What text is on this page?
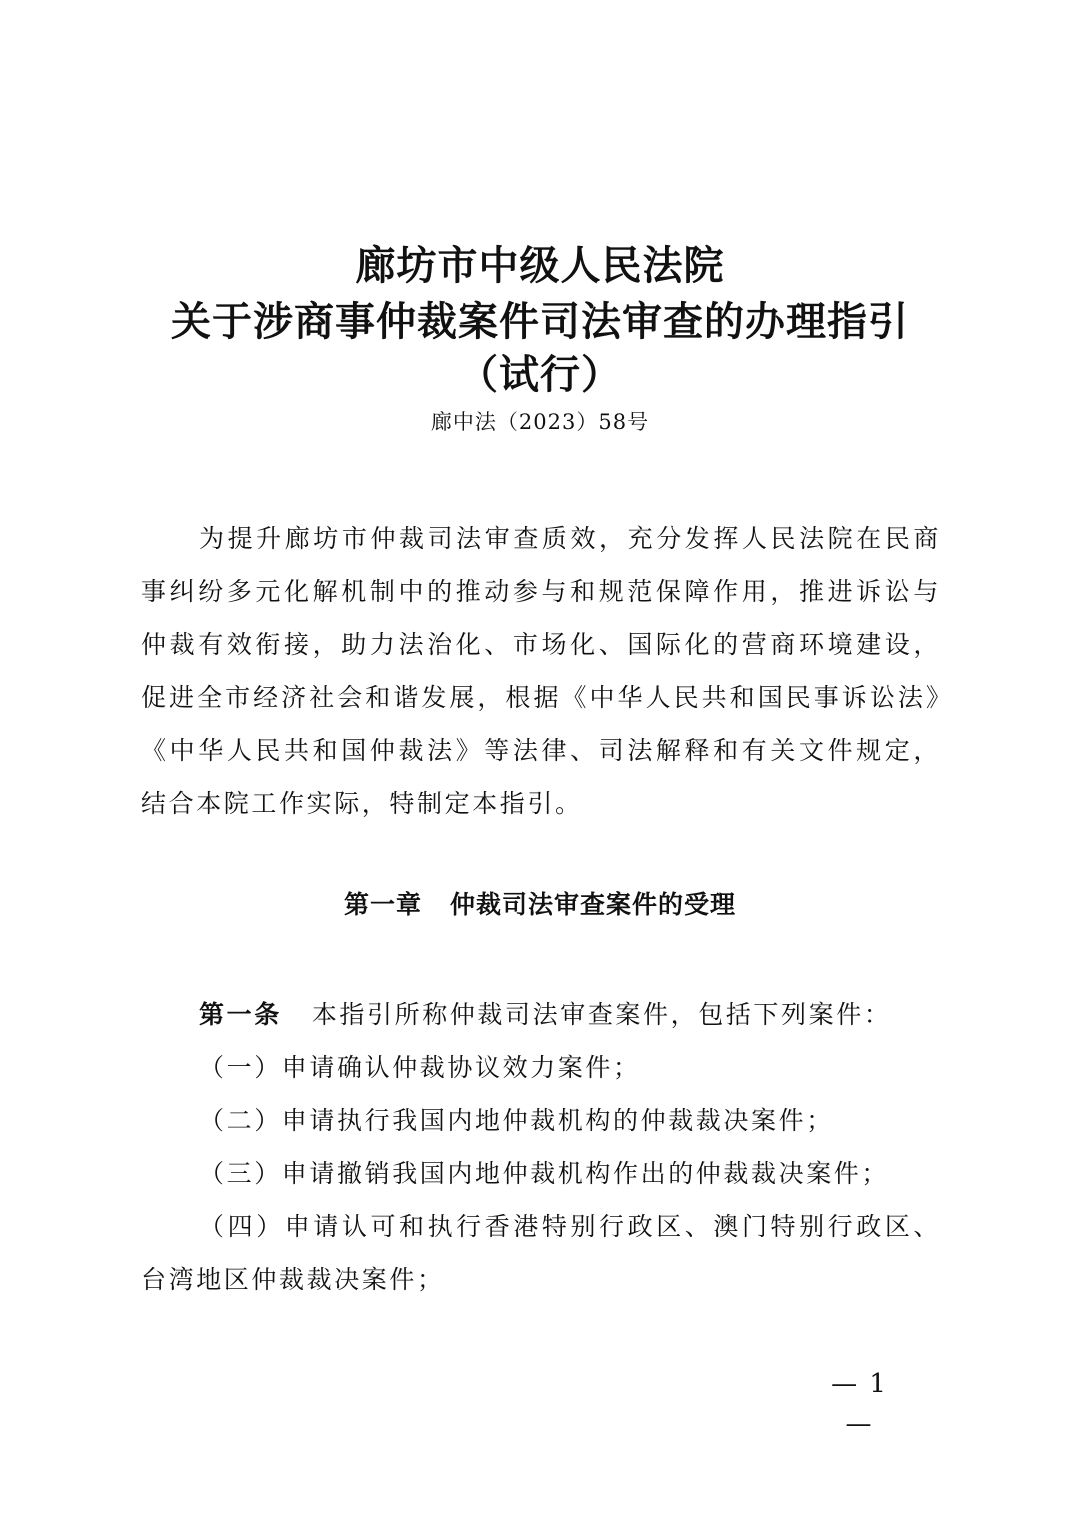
廊坊市中级人民法院
关于涉商事仲裁案件司法审查的办理指引
（试行）
廊中法（2023）58号

为提升廊坊市仲裁司法审查质效，充分发挥人民法院在民商事纠纷多元化解机制中的推动参与和规范保障作用，推进诉讼与仲裁有效衔接，助力法治化、市场化、国际化的营商环境建设，促进全市经济社会和谐发展，根据《中华人民共和国民事诉讼法》《中华人民共和国仲裁法》等法律、司法解释和有关文件规定，结合本院工作实际，特制定本指引。

第一章 仲裁司法审查案件的受理

第一条 本指引所称仲裁司法审查案件，包括下列案件：

（一）申请确认仲裁协议效力案件；

（二）申请执行我国内地仲裁机构的仲裁裁决案件；

（三）申请撤销我国内地仲裁机构作出的仲裁裁决案件；

（四）申请认可和执行香港特别行政区、澳门特别行政区、台湾地区仲裁裁决案件；

— 1 —
